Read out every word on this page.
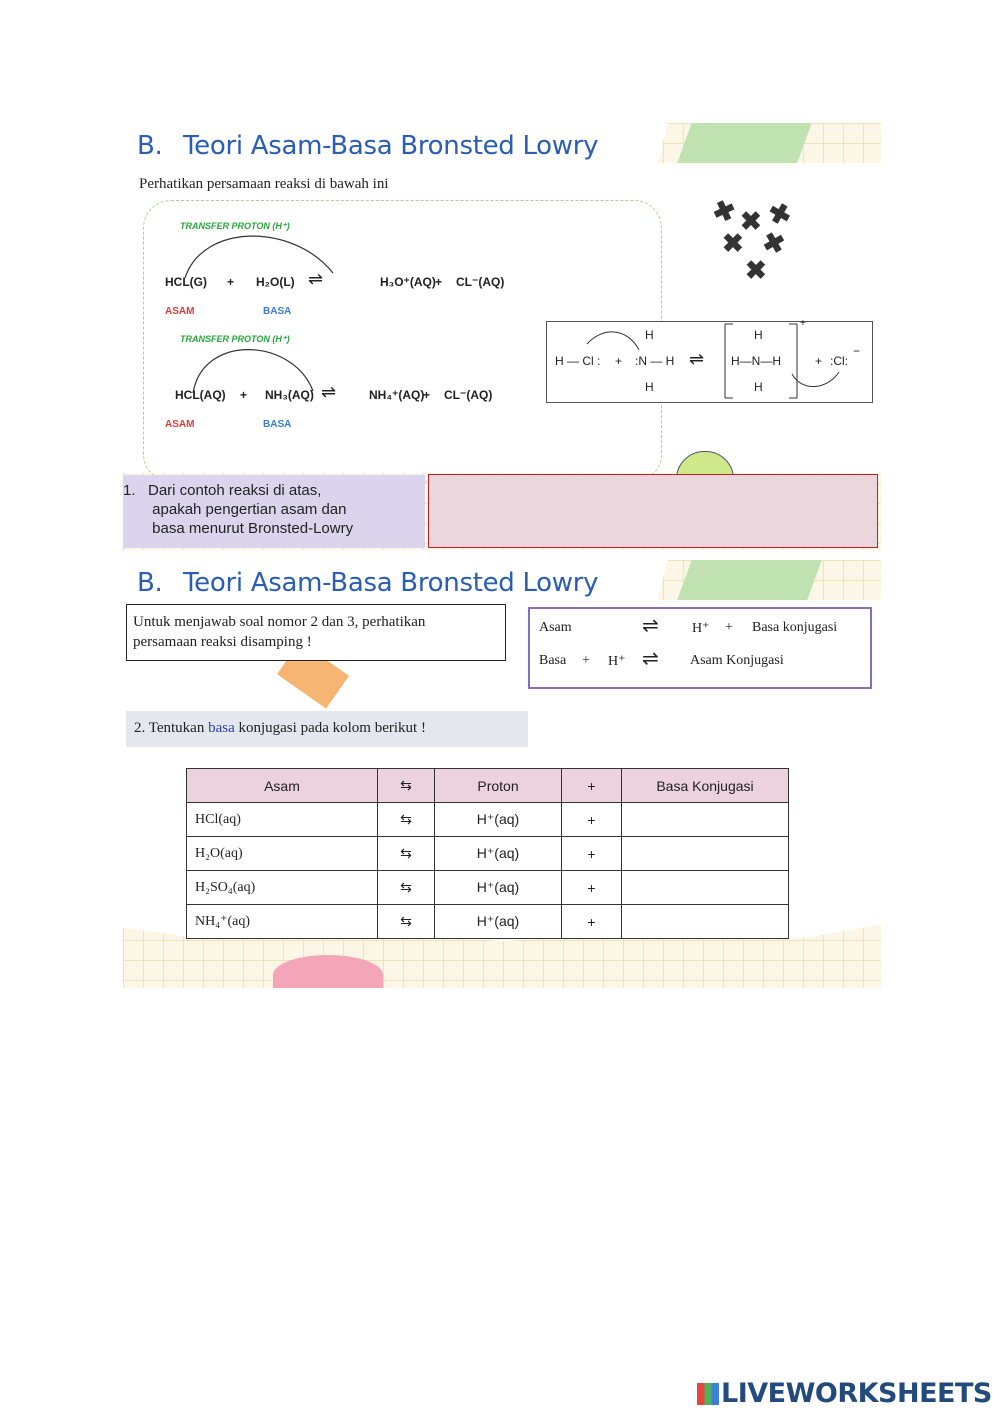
B. Teori Asam-Basa Bronsted Lowry
Perhatikan persamaan reaksi di bawah ini
TRANSFER PROTON (H⁺)
HCL(G) + H₂O(L) ⇌	H₃O⁺(AQ) + CL⁻(AQ)
ASAM	BASA
TRANSFER PROTON (H⁺)
HCL(AQ) + NH₃(AQ) ⇌	NH₄⁺(AQ)
+ CL⁻(AQ)
ASAM	BASA
✖ ✖ ✖
✖ ✖
✖
H — Cl : +
H
:N — H
H
⇌
H
H—N—H
H
+
+ :Cl:
−
1.   Dari contoh reaksi di atas,
apakah pengertian asam dan
basa menurut Bronsted-Lowry
B. Teori Asam-Basa Bronsted Lowry
Untuk menjawab soal nomor 2 dan 3, perhatikan
persamaan reaksi disamping !
Asam	⇌ H⁺ + Basa konjugasi
Basa + H⁺ ⇌ Asam Konjugasi
2. Tentukan basa konjugasi pada kolom berikut !
Asam	⇆	Proton	+	Basa Konjugasi
HCl(aq)	⇆	H⁺(aq)	+	
H₂O(aq)	⇆	H⁺(aq)	+	
H₂SO₄(aq)	⇆	H⁺(aq)	+	
NH₄⁺(aq)	⇆	H⁺(aq)	+	
LIVEWORKSHEETS
